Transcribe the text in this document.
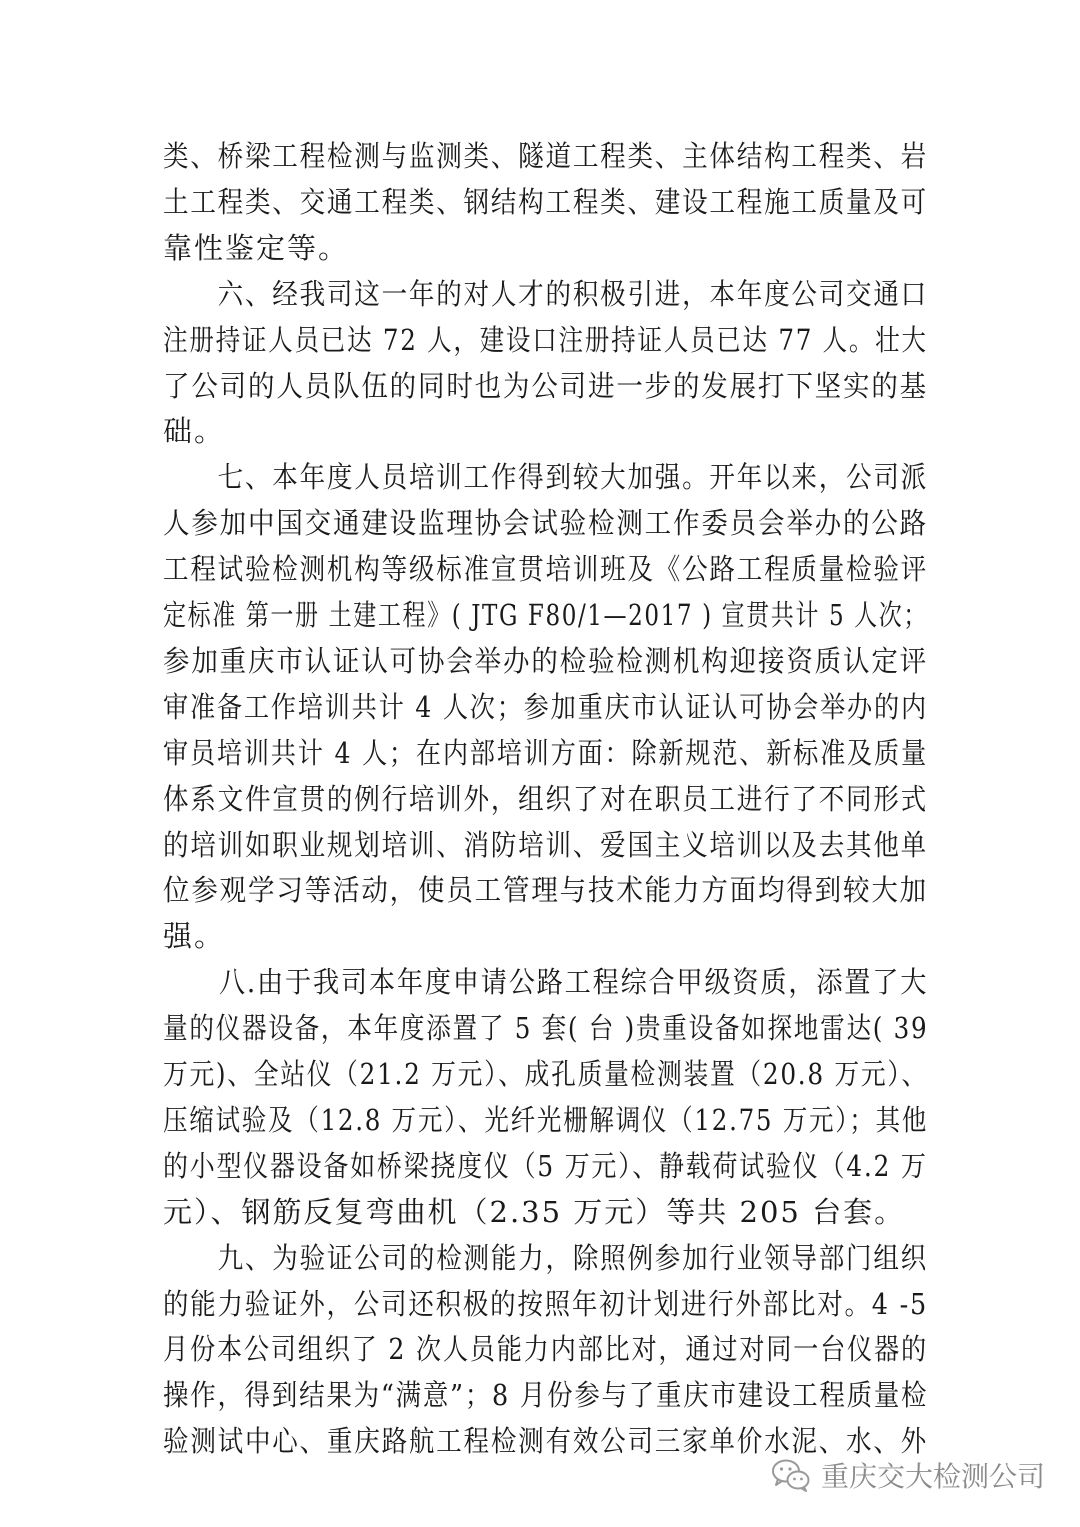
类、桥梁工程检测与监测类、隧道工程类、主体结构工程类、岩
土工程类、交通工程类、钢结构工程类、建设工程施工质量及可
靠性鉴定等。
　　六、经我司这一年的对人才的积极引进，本年度公司交通口
注册持证人员已达 72 人，建设口注册持证人员已达 77 人。壮大
了公司的人员队伍的同时也为公司进一步的发展打下坚实的基
础。
　　七、本年度人员培训工作得到较大加强。开年以来，公司派
人参加中国交通建设监理协会试验检测工作委员会举办的公路
工程试验检测机构等级标准宣贯培训班及《公路工程质量检验评
定标准 第一册 土建工程》( JTG F80/1—2017 ) 宣贯共计 5 人次；
参加重庆市认证认可协会举办的检验检测机构迎接资质认定评
审准备工作培训共计 4 人次；参加重庆市认证认可协会举办的内
审员培训共计 4 人；在内部培训方面：除新规范、新标准及质量
体系文件宣贯的例行培训外，组织了对在职员工进行了不同形式
的培训如职业规划培训、消防培训、爱国主义培训以及去其他单
位参观学习等活动，使员工管理与技术能力方面均得到较大加
强。
　　八.由于我司本年度申请公路工程综合甲级资质，添置了大
量的仪器设备，本年度添置了 5 套( 台 )贵重设备如探地雷达( 39
万元)、全站仪（21.2 万元）、成孔质量检测装置（20.8 万元）、
压缩试验及（12.8 万元）、光纤光栅解调仪（12.75 万元）；其他
的小型仪器设备如桥梁挠度仪（5 万元）、静载荷试验仪（4.2 万
元）、钢筋反复弯曲机（2.35 万元）等共 205 台套。
　　九、为验证公司的检测能力，除照例参加行业领导部门组织
的能力验证外，公司还积极的按照年初计划进行外部比对。4 -5
月份本公司组织了 2 次人员能力内部比对，通过对同一台仪器的
操作，得到结果为“满意”；8 月份参与了重庆市建设工程质量检
验测试中心、重庆路航工程检测有效公司三家单价水泥、水、外
重庆交大检测公司
